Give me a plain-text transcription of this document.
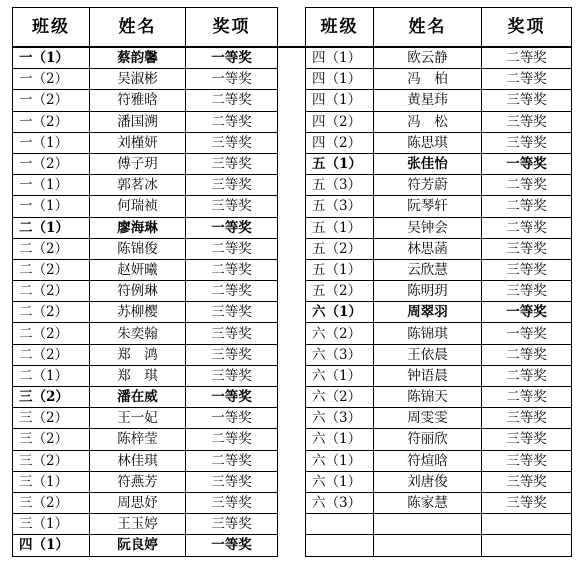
班级	姓名	奖项		班级	姓名	奖项
一（1）	蔡韵馨	一等奖		四（1）	欧云静	二等奖
一（2）	吴淑彬	一等奖		四（1）	冯　柏	二等奖
一（2）	符雅晗	二等奖		四（1）	黄星玮	三等奖
一（2）	潘国溯	二等奖		四（2）	冯　松	三等奖
一（1）	刘槿妍	三等奖		四（2）	陈思琪	三等奖
一（2）	傅子玥	三等奖		五（1）	张佳怡	一等奖
一（1）	郭茗冰	三等奖		五（3）	符芳蔚	二等奖
一（1）	何瑞祯	三等奖		五（3）	阮琴轩	二等奖
二（1）	廖海琳	一等奖		五（1）	吴钟会	二等奖
二（2）	陈锦俊	二等奖		五（2）	林思菡	三等奖
二（2）	赵妍曦	二等奖		五（1）	云欣慧	三等奖
二（2）	符例琳	二等奖		五（2）	陈明玥	三等奖
二（2）	苏柳樱	三等奖		六（1）	周翠羽	一等奖
二（2）	朱奕翰	三等奖		六（2）	陈锦琪	一等奖
二（2）	郑　鸿	三等奖		六（3）	王依晨	二等奖
二（1）	郑　琪	三等奖		六（1）	钟语晨	二等奖
三（2）	潘在威	一等奖		六（2）	陈锦天	二等奖
三（2）	王一妃	一等奖		六（3）	周雯雯	三等奖
三（2）	陈梓莹	二等奖		六（1）	符丽欣	三等奖
三（2）	林佳琪	二等奖		六（1）	符煊晗	三等奖
三（1）	符燕芳	三等奖		六（1）	刘唐俊	三等奖
三（2）	周思妤	三等奖		六（3）	陈家慧	三等奖
三（1）	王玉婷	三等奖				
四（1）	阮良婷	一等奖				
